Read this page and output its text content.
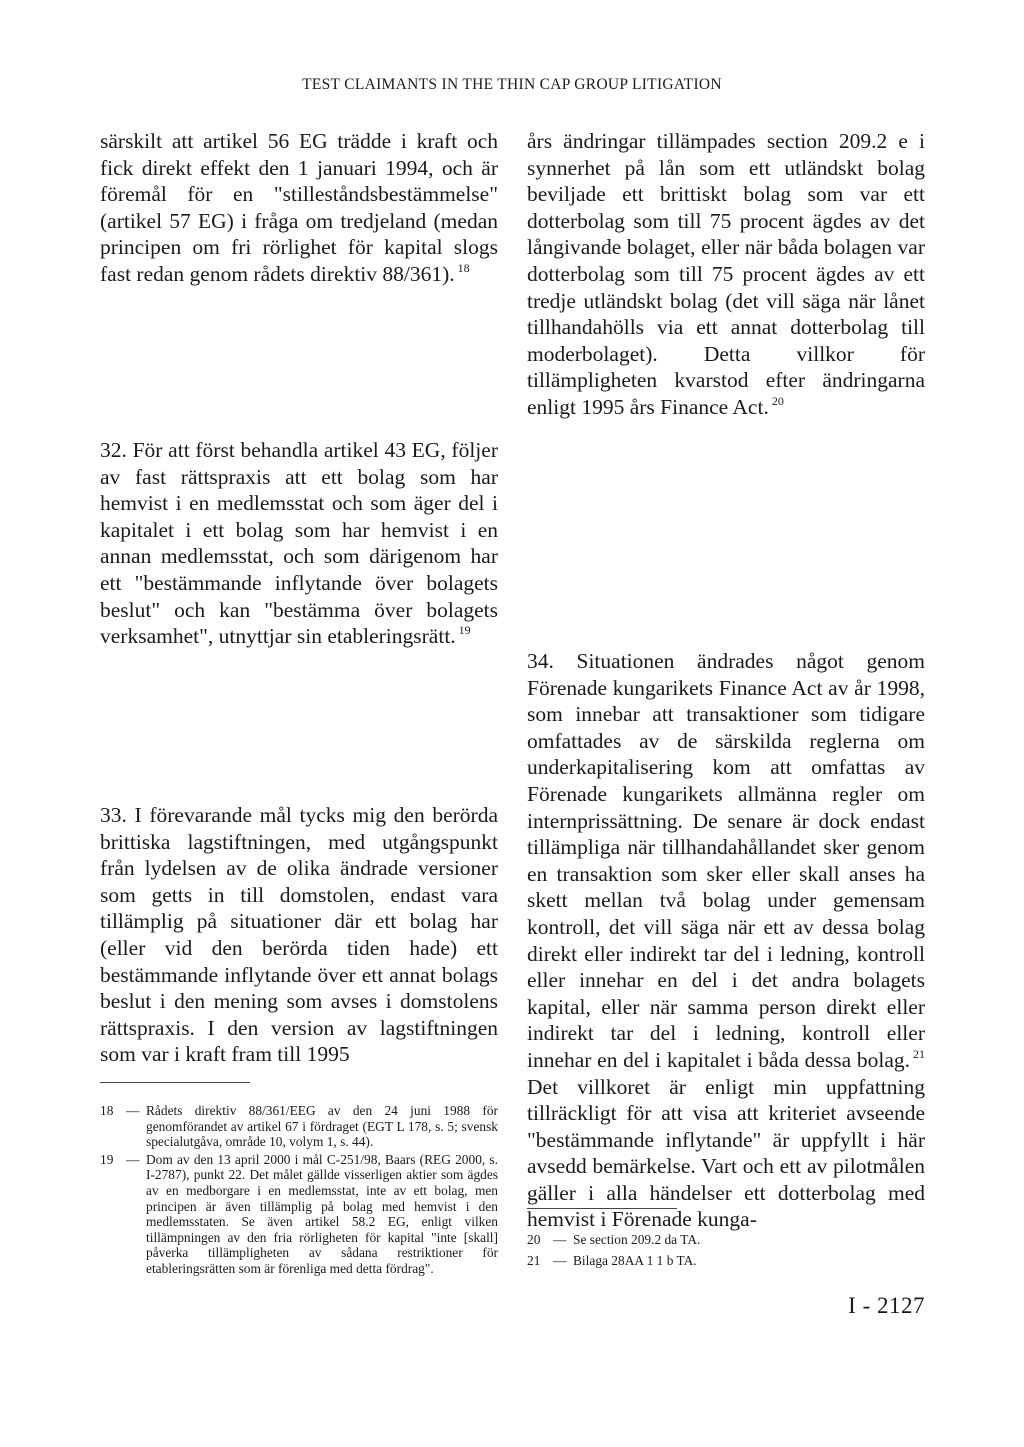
TEST CLAIMANTS IN THE THIN CAP GROUP LITIGATION

särskilt att artikel 56 EG trädde i kraft och fick direkt effekt den 1 januari 1994, och är föremål för en "stilleståndsbestämmelse" (artikel 57 EG) i fråga om tredjeland (medan principen om fri rörlighet för kapital slogs fast redan genom rådets direktiv 88/361). $^{18}$

års ändringar tillämpades section 209.2 e i synnerhet på lån som ett utländskt bolag beviljade ett brittiskt bolag som var ett dotterbolag som till 75 procent ägdes av det långivande bolaget, eller när båda bolagen var dotterbolag som till 75 procent ägdes av ett tredje utländskt bolag (det vill säga när lånet tillhandahölls via ett annat dotterbolag till moderbolaget). Detta villkor för tillämpligheten kvarstod efter ändringarna enligt 1995 års Finance Act. $^{20}$

32. För att först behandla artikel 43 EG, följer av fast rättspraxis att ett bolag som har hemvist i en medlemsstat och som äger del i kapitalet i ett bolag som har hemvist i en annan medlemsstat, och som därigenom har ett "bestämmande inflytande över bolagets beslut" och kan "bestämma över bolagets verksamhet", utnyttjar sin etableringsrätt. $^{19}$

33. I förevarande mål tycks mig den berörda brittiska lagstiftningen, med utgångspunkt från lydelsen av de olika ändrade versioner som getts in till domstolen, endast vara tillämplig på situationer där ett bolag har (eller vid den berörda tiden hade) ett bestämmande inflytande över ett annat bolags beslut i den mening som avses i domstolens rättspraxis. I den version av lagstiftningen som var i kraft fram till 1995

34. Situationen ändrades något genom Förenade kungarikets Finance Act av år 1998, som innebar att transaktioner som tidigare omfattades av de särskilda reglerna om underkapitalisering kom att omfattas av Förenade kungarikets allmänna regler om internprissättning. De senare är dock endast tillämpliga när tillhandahållandet sker genom en transaktion som sker eller skall anses ha skett mellan två bolag under gemensam kontroll, det vill säga när ett av dessa bolag direkt eller indirekt tar del i ledning, kontroll eller innehar en del i det andra bolagets kapital, eller när samma person direkt eller indirekt tar del i ledning, kontroll eller innehar en del i kapitalet i båda dessa bolag. $^{21}$ Det villkoret är enligt min uppfattning tillräckligt för att visa att kriteriet avseende "bestämmande inflytande" är uppfyllt i här avsedd bemärkelse. Vart och ett av pilotmålen gäller i alla händelser ett dotterbolag med hemvist i Förenade kunga-

18 — Rådets direktiv 88/361/EEG av den 24 juni 1988 för genomförandet av artikel 67 i fördraget (EGT L 178, s. 5; svensk specialutgåva, område 10, volym 1, s. 44).
19 — Dom av den 13 april 2000 i mål C-251/98, Baars (REG 2000, s. I-2787), punkt 22. Det målet gällde visserligen aktier som ägdes av en medborgare i en medlemsstat, inte av ett bolag, men principen är även tillämplig på bolag med hemvist i den medlemsstaten. Se även artikel 58.2 EG, enligt vilken tillämpningen av den fria rörligheten för kapital "inte [skall] påverka tillämpligheten av sådana restriktioner för etableringsrätten som är förenliga med detta fördrag".
20 — Se section 209.2 da TA.
21 — Bilaga 28AA 1 1 b TA.
I - 2127
